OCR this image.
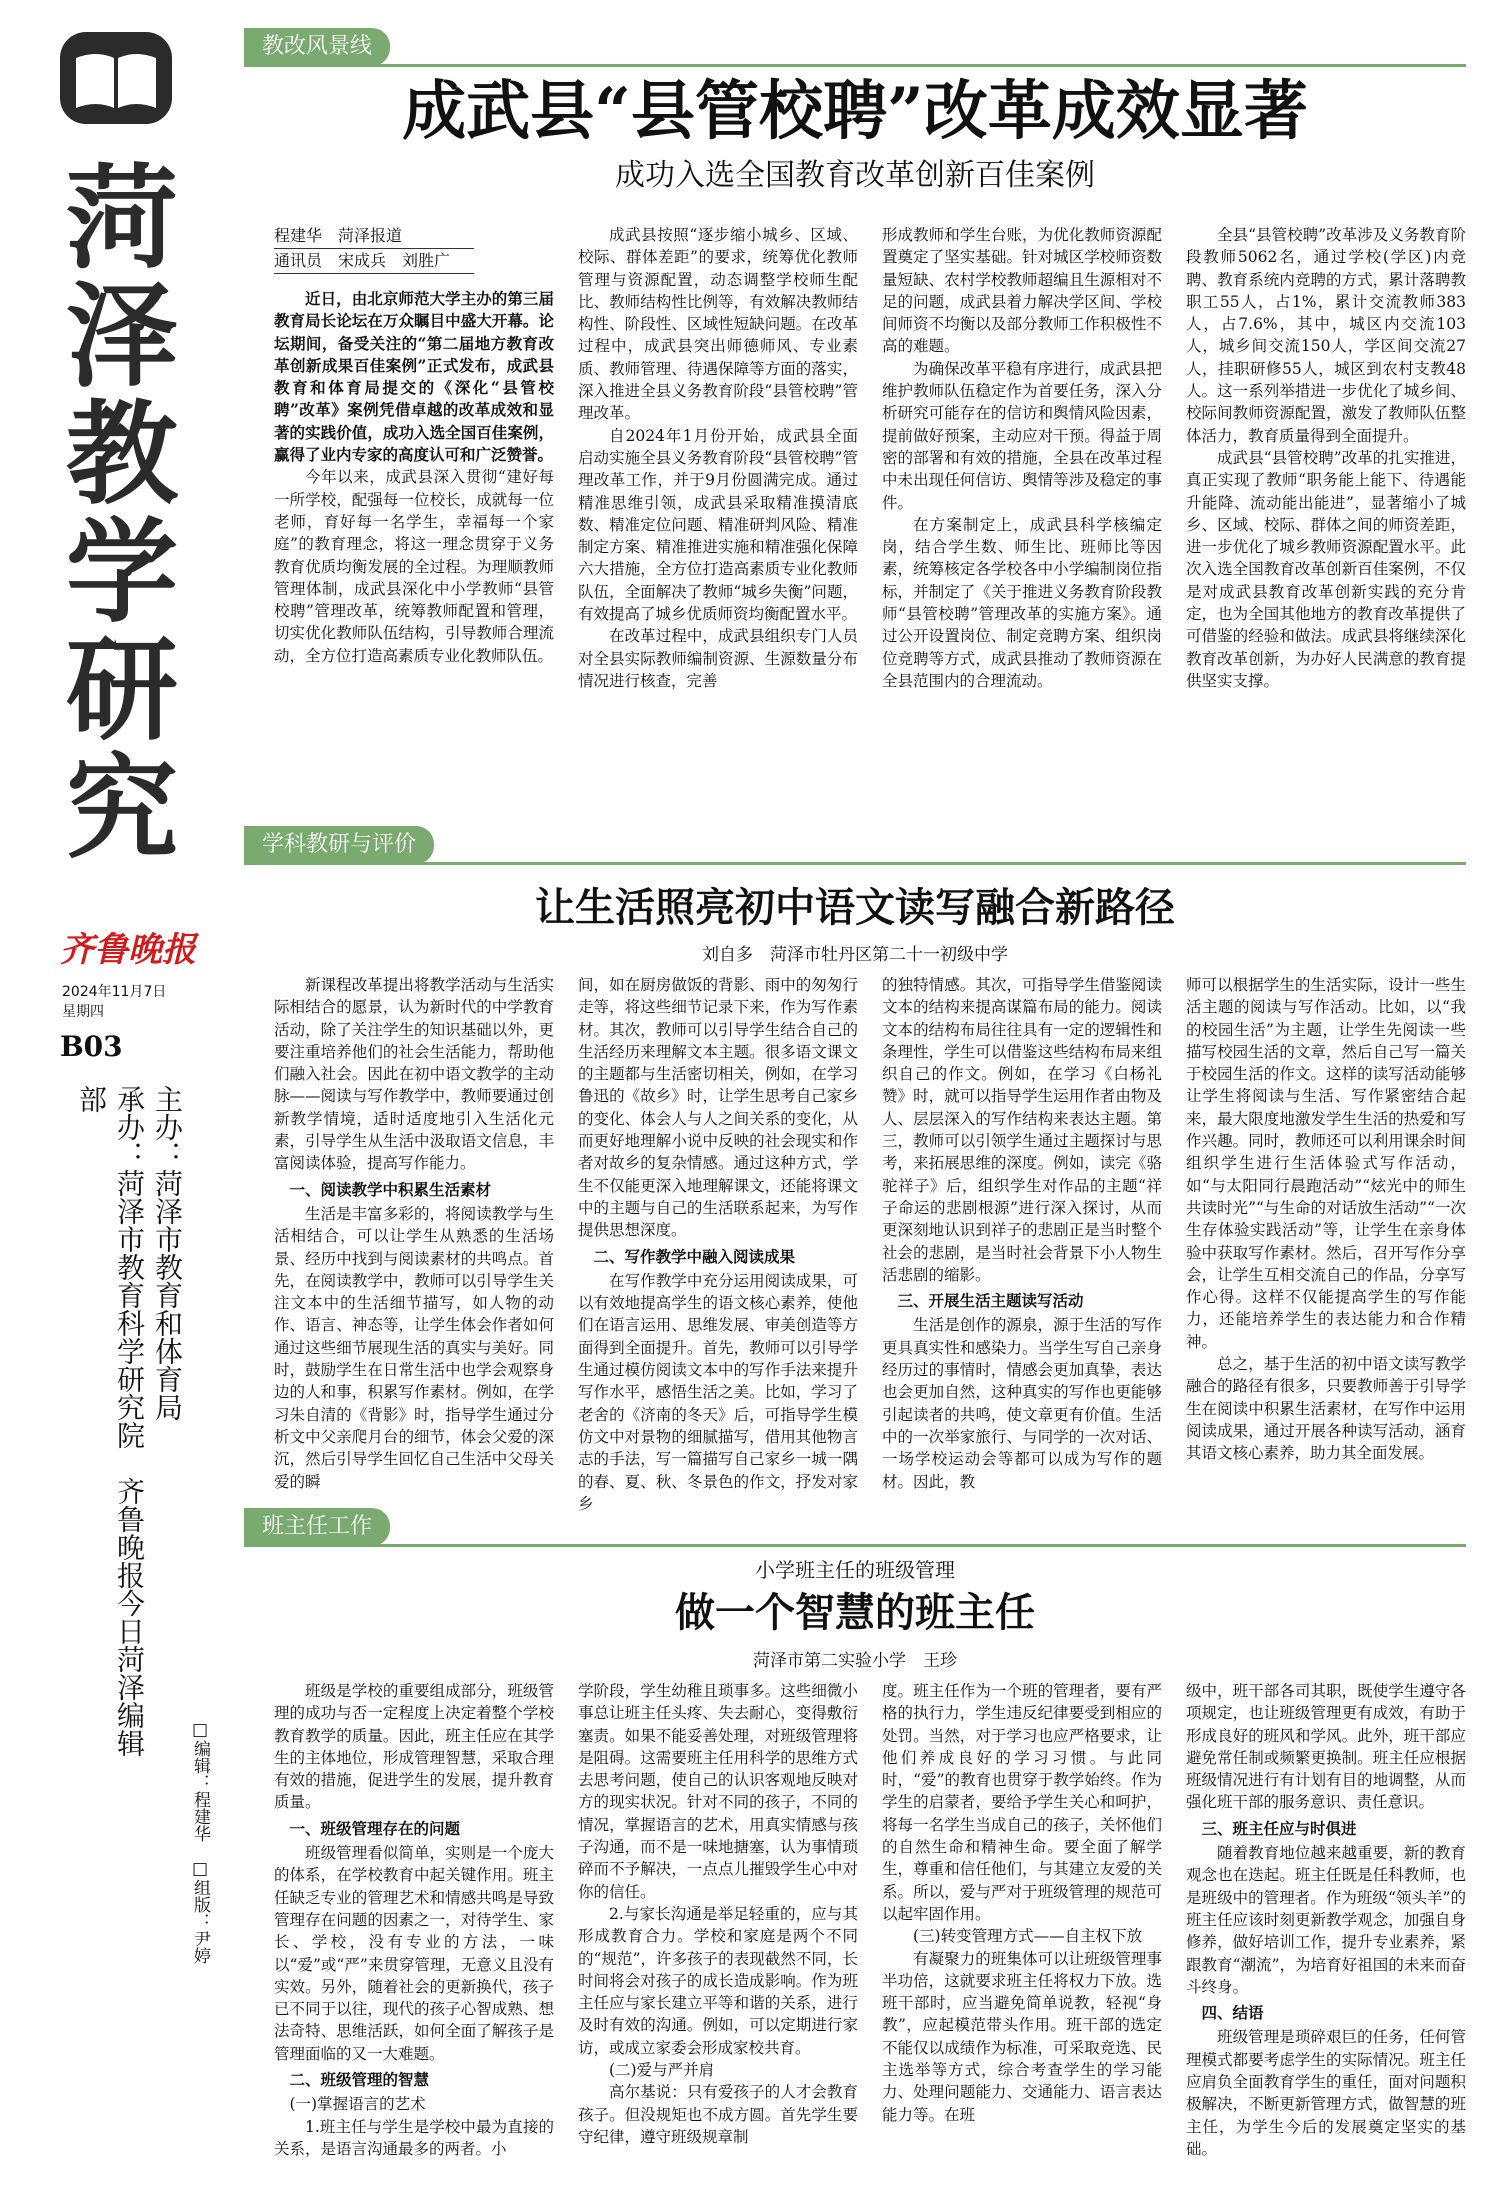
菏
泽
教
学
研
究
齐鲁晚报
2024年11月7日
星期四
B03
主办：菏泽市教育和体育局
承办：菏泽市教育科学研究院　齐鲁晚报今日菏泽编辑部
□编辑：程建华　□组版：尹婷
教改风景线
成武县“县管校聘”改革成效显著
成功入选全国教育改革创新百佳案例
程建华　菏泽报道
通讯员　宋成兵　刘胜广

近日，由北京师范大学主办的第三届教育局长论坛在万众瞩目中盛大开幕。论坛期间，备受关注的“第二届地方教育改革创新成果百佳案例”正式发布，成武县教育和体育局提交的《深化“县管校聘”改革》案例凭借卓越的改革成效和显著的实践价值，成功入选全国百佳案例，赢得了业内专家的高度认可和广泛赞誉。

今年以来，成武县深入贯彻“建好每一所学校，配强每一位校长，成就每一位老师，育好每一名学生，幸福每一个家庭”的教育理念，将这一理念贯穿于义务教育优质均衡发展的全过程。为理顺教师管理体制，成武县深化中小学教师“县管校聘”管理改革，统筹教师配置和管理，切实优化教师队伍结构，引导教师合理流动，全方位打造高素质专业化教师队伍。

成武县按照“逐步缩小城乡、区域、校际、群体差距”的要求，统筹优化教师管理与资源配置，动态调整学校师生配比、教师结构性比例等，有效解决教师结构性、阶段性、区域性短缺问题。在改革过程中，成武县突出师德师风、专业素质、教师管理、待遇保障等方面的落实，深入推进全县义务教育阶段“县管校聘”管理改革。

自2024年1月份开始，成武县全面启动实施全县义务教育阶段“县管校聘”管理改革工作，并于9月份圆满完成。通过精准思维引领，成武县采取精准摸清底数、精准定位问题、精准研判风险、精准制定方案、精准推进实施和精准强化保障六大措施，全方位打造高素质专业化教师队伍，全面解决了教师“城乡失衡”问题，有效提高了城乡优质师资均衡配置水平。

在改革过程中，成武县组织专门人员对全县实际教师编制资源、生源数量分布情况进行核查，完善

形成教师和学生台账，为优化教师资源配置奠定了坚实基础。针对城区学校师资数量短缺、农村学校教师超编且生源相对不足的问题，成武县着力解决学区间、学校间师资不均衡以及部分教师工作积极性不高的难题。

为确保改革平稳有序进行，成武县把维护教师队伍稳定作为首要任务，深入分析研究可能存在的信访和舆情风险因素，提前做好预案，主动应对干预。得益于周密的部署和有效的措施，全县在改革过程中未出现任何信访、舆情等涉及稳定的事件。

在方案制定上，成武县科学核编定岗，结合学生数、师生比、班师比等因素，统筹核定各学校各中小学编制岗位指标，并制定了《关于推进义务教育阶段教师“县管校聘”管理改革的实施方案》。通过公开设置岗位、制定竞聘方案、组织岗位竞聘等方式，成武县推动了教师资源在全县范围内的合理流动。

全县“县管校聘”改革涉及义务教育阶段教师5062名，通过学校(学区)内竞聘、教育系统内竞聘的方式，累计落聘教职工55人，占1%，累计交流教师383人，占7.6%，其中，城区内交流103人，城乡间交流150人，学区间交流27人，挂职研修55人，城区到农村支教48人。这一系列举措进一步优化了城乡间、校际间教师资源配置，激发了教师队伍整体活力，教育质量得到全面提升。

成武县“县管校聘”改革的扎实推进，真正实现了教师“职务能上能下、待遇能升能降、流动能出能进”，显著缩小了城乡、区域、校际、群体之间的师资差距，进一步优化了城乡教师资源配置水平。此次入选全国教育改革创新百佳案例，不仅是对成武县教育改革创新实践的充分肯定，也为全国其他地方的教育改革提供了可借鉴的经验和做法。成武县将继续深化教育改革创新，为办好人民满意的教育提供坚实支撑。

学科教研与评价
让生活照亮初中语文读写融合新路径
刘自多　菏泽市牡丹区第二十一初级中学

新课程改革提出将教学活动与生活实际相结合的愿景，认为新时代的中学教育活动，除了关注学生的知识基础以外，更要注重培养他们的社会生活能力，帮助他们融入社会。因此在初中语文教学的主动脉——阅读与写作教学中，教师要通过创新教学情境，适时适度地引入生活化元素，引导学生从生活中汲取语文信息，丰富阅读体验，提高写作能力。

一、阅读教学中积累生活素材

生活是丰富多彩的，将阅读教学与生活相结合，可以让学生从熟悉的生活场景、经历中找到与阅读素材的共鸣点。首先，在阅读教学中，教师可以引导学生关注文本中的生活细节描写，如人物的动作、语言、神态等，让学生体会作者如何通过这些细节展现生活的真实与美好。同时，鼓励学生在日常生活中也学会观察身边的人和事，积累写作素材。例如，在学习朱自清的《背影》时，指导学生通过分析文中父亲爬月台的细节，体会父爱的深沉，然后引导学生回忆自己生活中父母关爱的瞬

间，如在厨房做饭的背影、雨中的匆匆行走等，将这些细节记录下来，作为写作素材。其次，教师可以引导学生结合自己的生活经历来理解文本主题。很多语文课文的主题都与生活密切相关，例如，在学习鲁迅的《故乡》时，让学生思考自己家乡的变化、体会人与人之间关系的变化，从而更好地理解小说中反映的社会现实和作者对故乡的复杂情感。通过这种方式，学生不仅能更深入地理解课文，还能将课文中的主题与自己的生活联系起来，为写作提供思想深度。

二、写作教学中融入阅读成果

在写作教学中充分运用阅读成果，可以有效地提高学生的语文核心素养，使他们在语言运用、思维发展、审美创造等方面得到全面提升。首先，教师可以引导学生通过模仿阅读文本中的写作手法来提升写作水平，感悟生活之美。比如，学习了老舍的《济南的冬天》后，可指导学生模仿文中对景物的细腻描写，借用其他物言志的手法，写一篇描写自己家乡一城一隅的春、夏、秋、冬景色的作文，抒发对家乡

的独特情感。其次，可指导学生借鉴阅读文本的结构来提高谋篇布局的能力。阅读文本的结构布局往往具有一定的逻辑性和条理性，学生可以借鉴这些结构布局来组织自己的作文。例如，在学习《白杨礼赞》时，就可以指导学生运用作者由物及人、层层深入的写作结构来表达主题。第三，教师可以引领学生通过主题探讨与思考，来拓展思维的深度。例如，读完《骆驼祥子》后，组织学生对作品的主题“祥子命运的悲剧根源”进行深入探讨，从而更深刻地认识到祥子的悲剧正是当时整个社会的悲剧，是当时社会背景下小人物生活悲剧的缩影。

三、开展生活主题读写活动

生活是创作的源泉，源于生活的写作更具真实性和感染力。当学生写自己亲身经历过的事情时，情感会更加真挚，表达也会更加自然，这种真实的写作也更能够引起读者的共鸣，使文章更有价值。生活中的一次举家旅行、与同学的一次对话、一场学校运动会等都可以成为写作的题材。因此，教

师可以根据学生的生活实际，设计一些生活主题的阅读与写作活动。比如，以“我的校园生活”为主题，让学生先阅读一些描写校园生活的文章，然后自己写一篇关于校园生活的作文。这样的读写活动能够让学生将阅读与生活、写作紧密结合起来，最大限度地激发学生生活的热爱和写作兴趣。同时，教师还可以利用课余时间组织学生进行生活体验式写作活动，如“与太阳同行晨跑活动”“炫光中的师生共读时光”“与生命的对话放生活动”“一次生存体验实践活动”等，让学生在亲身体验中获取写作素材。然后，召开写作分享会，让学生互相交流自己的作品，分享写作心得。这样不仅能提高学生的写作能力，还能培养学生的表达能力和合作精神。

总之，基于生活的初中语文读写教学融合的路径有很多，只要教师善于引导学生在阅读中积累生活素材，在写作中运用阅读成果，通过开展各种读写活动，涵育其语文核心素养，助力其全面发展。

班主任工作
小学班主任的班级管理
做一个智慧的班主任
菏泽市第二实验小学　王珍

班级是学校的重要组成部分，班级管理的成功与否一定程度上决定着整个学校教育教学的质量。因此，班主任应在其学生的主体地位，形成管理智慧，采取合理有效的措施，促进学生的发展，提升教育质量。

一、班级管理存在的问题

班级管理看似简单，实则是一个庞大的体系，在学校教育中起关键作用。班主任缺乏专业的管理艺术和情感共鸣是导致管理存在问题的因素之一，对待学生、家长、学校，没有专业的方法，一味以“爱”或“严”来贯穿管理，无意义且没有实效。另外，随着社会的更新换代，孩子已不同于以往，现代的孩子心智成熟、想法奇特、思维活跃，如何全面了解孩子是管理面临的又一大难题。

二、班级管理的智慧

(一)掌握语言的艺术

1.班主任与学生是学校中最为直接的关系，是语言沟通最多的两者。小

学阶段，学生幼稚且琐事多。这些细微小事总让班主任头疼、失去耐心，变得敷衍塞责。如果不能妥善处理，对班级管理将是阻碍。这需要班主任用科学的思维方式去思考问题，使自己的认识客观地反映对方的现实状况。针对不同的孩子，不同的情况，掌握语言的艺术，用真实情感与孩子沟通，而不是一味地搪塞，认为事情琐碎而不予解决，一点点儿摧毁学生心中对你的信任。

2.与家长沟通是举足轻重的，应与其形成教育合力。学校和家庭是两个不同的“规范”，许多孩子的表现截然不同，长时间将会对孩子的成长造成影响。作为班主任应与家长建立平等和谐的关系，进行及时有效的沟通。例如，可以定期进行家访，或成立家委会形成家校共育。

(二)爱与严并肩

高尔基说：只有爱孩子的人才会教育孩子。但没规矩也不成方圆。首先学生要守纪律，遵守班级规章制

度。班主任作为一个班的管理者，要有严格的执行力，学生违反纪律要受到相应的处罚。当然，对于学习也应严格要求，让他们养成良好的学习习惯。与此同时，“爱”的教育也贯穿于教学始终。作为学生的启蒙者，要给予学生关心和呵护，将每一名学生当成自己的孩子，关怀他们的自然生命和精神生命。要全面了解学生，尊重和信任他们，与其建立友爱的关系。所以，爱与严对于班级管理的规范可以起牢固作用。

(三)转变管理方式——自主权下放

有凝聚力的班集体可以让班级管理事半功倍，这就要求班主任将权力下放。选班干部时，应当避免简单说教，轻视“身教”，应起模范带头作用。班干部的选定不能仅以成绩作为标准，可采取竞选、民主选举等方式，综合考查学生的学习能力、处理问题能力、交通能力、语言表达能力等。在班

级中，班干部各司其职，既使学生遵守各项规定，也让班级管理更有成效，有助于形成良好的班风和学风。此外，班干部应避免常任制或频繁更换制。班主任应根据班级情况进行有计划有目的地调整，从而强化班干部的服务意识、责任意识。

三、班主任应与时俱进

随着教育地位越来越重要，新的教育观念也在迭起。班主任既是任科教师，也是班级中的管理者。作为班级“领头羊”的班主任应该时刻更新教学观念，加强自身修养，做好培训工作，提升专业素养，紧跟教育“潮流”，为培育好祖国的未来而奋斗终身。

四、结语

班级管理是琐碎艰巨的任务，任何管理模式都要考虑学生的实际情况。班主任应肩负全面教育学生的重任，面对问题积极解决，不断更新管理方式，做智慧的班主任，为学生今后的发展奠定坚实的基础。
